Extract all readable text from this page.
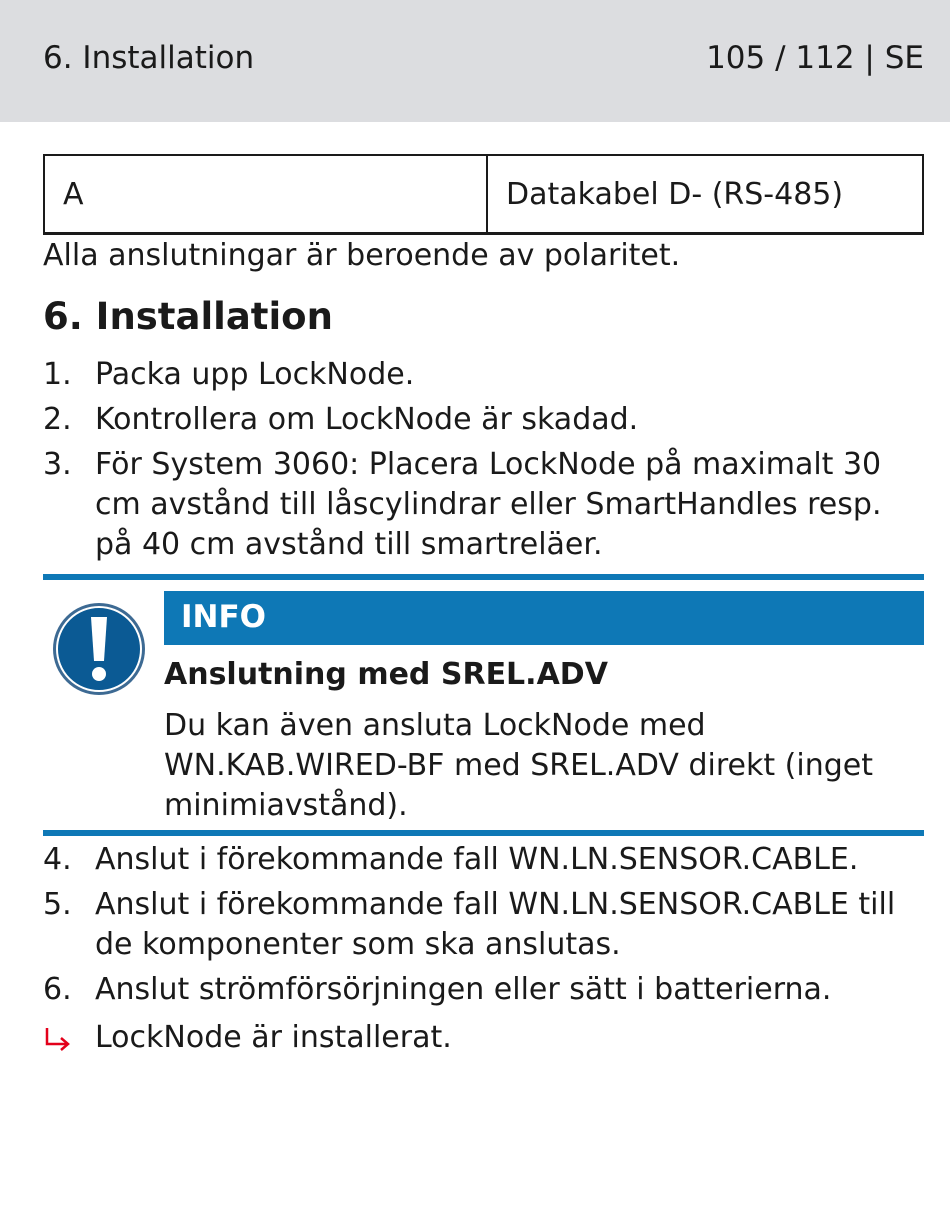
6. Installation	105 / 112 | SE
A	Datakabel D- (RS-485)
Alla anslutningar är beroende av polaritet.
6. Installation
1. Packa upp LockNode.
2. Kontrollera om LockNode är skadad.
3. För System 3060: Placera LockNode på maximalt 30 cm avstånd till låscylindrar eller SmartHandles resp. på 40 cm avstånd till smartreläer.
INFO
Anslutning med SREL.ADV
Du kan även ansluta LockNode med WN.KAB.WIRED-BF med SREL.ADV direkt (inget minimiavstånd).
4. Anslut i förekommande fall WN.LN.SENSOR.CABLE.
5. Anslut i förekommande fall WN.LN.SENSOR.CABLE till de komponenter som ska anslutas.
6. Anslut strömförsörjningen eller sätt i batterierna.
LockNode är installerat.
